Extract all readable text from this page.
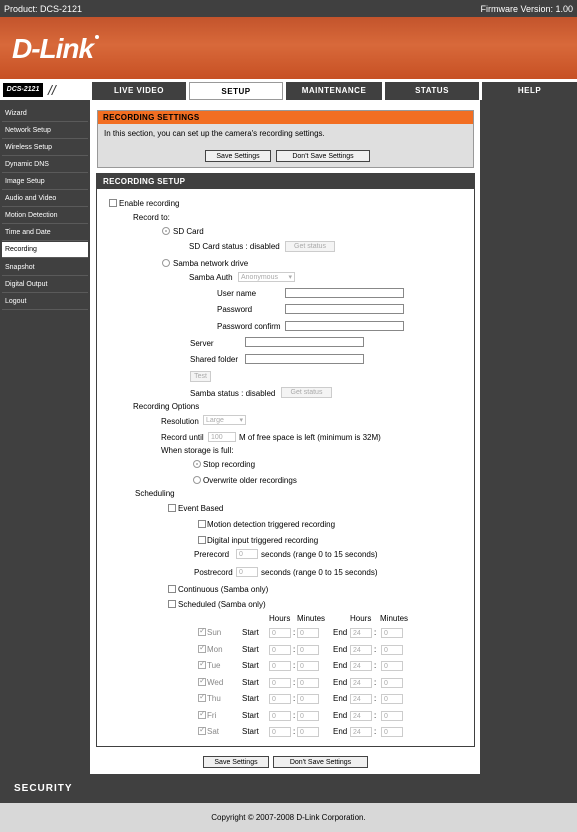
Product: DCS-2121	Firmware Version: 1.00
D-Link
DCS-2121 //	LIVE VIDEO	SETUP	MAINTENANCE	STATUS	HELP
Wizard
Network Setup
Wireless Setup
Dynamic DNS
Image Setup
Audio and Video
Motion Detection
Time and Date
Recording
Snapshot
Digital Output
Logout
RECORDING SETTINGS
In this section, you can set up the camera's recording settings.
Save Settings	Don't Save Settings
RECORDING SETUP
Enable recording
Record to:
SD Card
SD Card status : disabled	Get status
Samba network drive
Samba Auth	Anonymous ▾
User name
Password
Password confirm
Server
Shared folder
Test
Samba status : disabled	Get status
Recording Options
Resolution	Large ▾
Record until	100	M of free space is left (minimum is 32M)
When storage is full:
Stop recording
Overwrite older recordings
Scheduling
Event Based
Motion detection triggered recording
Digital input triggered recording
Prerecord	0	seconds (range 0 to 15 seconds)
Postrecord 0	seconds (range 0 to 15 seconds)
Continuous (Samba only)
Scheduled (Samba only)
Hours Minutes	Hours Minutes
✓
Sun	Start	0	: 0	End 24	:	0
✓
Mon Start	0	: 0	End 24	:	0
✓
Tue	Start	0	: 0	End 24	:	0
✓
Wed Start	0	: 0	End 24	:	0
✓
Thu	Start	0	: 0	End 24	:	0
✓
Fri	Start	0	: 0	End 24	:	0
✓
Sat	Start	0	: 0	End 24	:	0
Save Settings	Don't Save Settings
SECURITY
Copyright © 2007-2008 D-Link Corporation.
